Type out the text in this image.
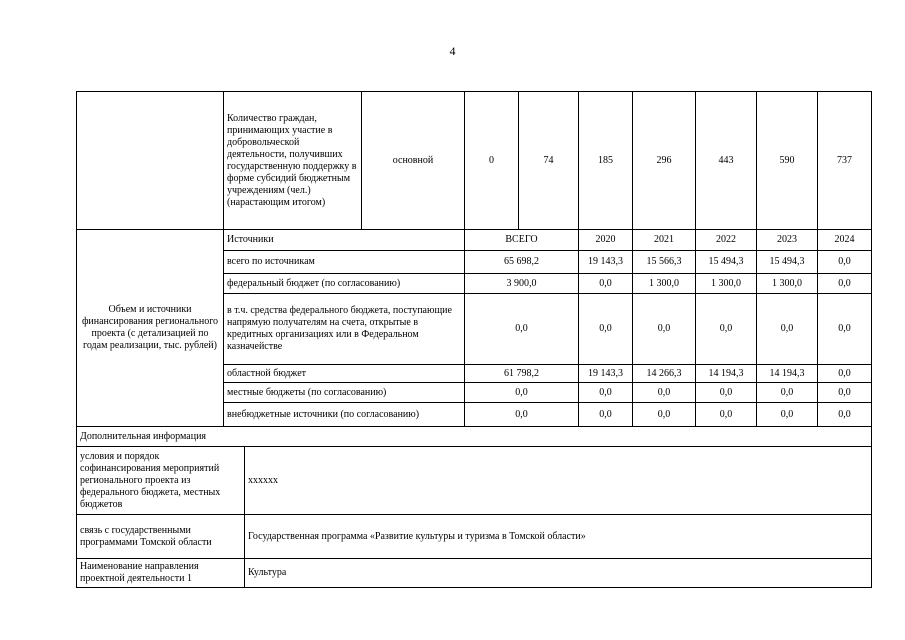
4
	Количество граждан, принимающих участие в добровольческой деятельности, получивших государственную поддержку в форме субсидий бюджетным учреждениям (чел.) (нарастающим итогом)	основной	0	74	185	296	443	590	737
Объем и источники финансирования регионального проекта (с детализацией по годам реализации, тыс. рублей)	Источники		ВСЕГО		2020	2021	2022	2023	2024
	всего по источникам		65 698,2		19 143,3	15 566,3	15 494,3	15 494,3	0,0
	федеральный бюджет (по согласованию)		3 900,0		0,0	1 300,0	1 300,0	1 300,0	0,0
	в т.ч. средства федерального бюджета, поступающие напрямую получателям на счета, открытые в кредитных организациях или в Федеральном казначействе		0,0		0,0	0,0	0,0	0,0	0,0
	областной бюджет		61 798,2		19 143,3	14 266,3	14 194,3	14 194,3	0,0
	местные бюджеты (по согласованию)		0,0		0,0	0,0	0,0	0,0	0,0
	внебюджетные источники (по согласованию)		0,0		0,0	0,0	0,0	0,0	0,0
Дополнительная информация	
условия и порядок софинансирования мероприятий регионального проекта из федерального бюджета, местных бюджетов	хххххх
связь с государственными программами Томской области	Государственная программа «Развитие культуры и туризма в Томской области»
Наименование направления проектной деятельности 1	Культура
